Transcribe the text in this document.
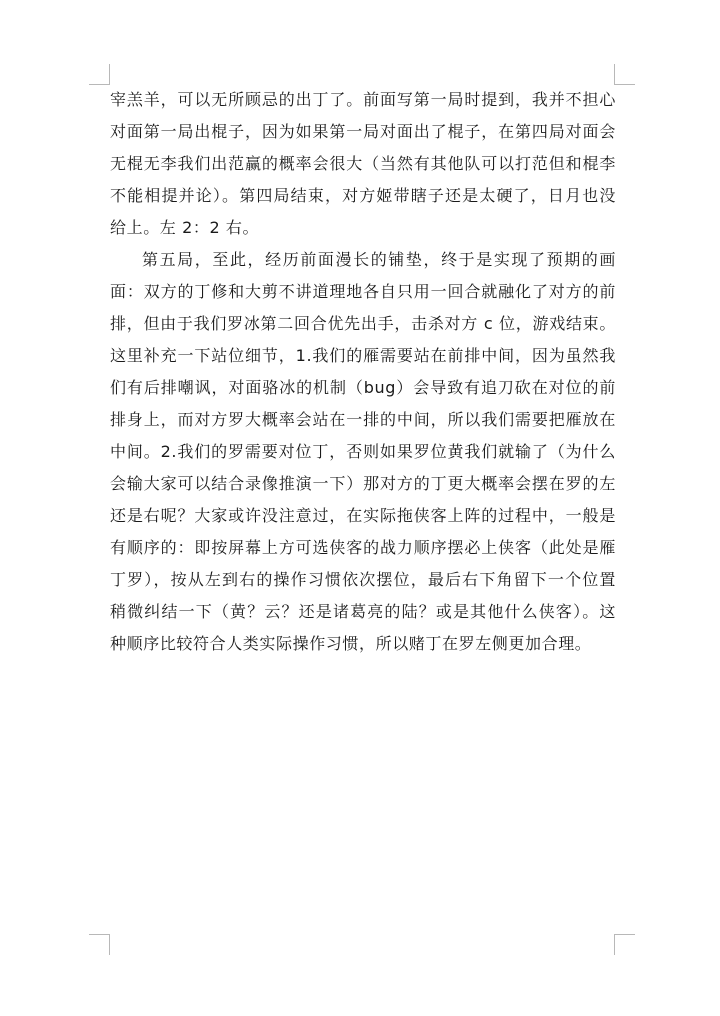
宰羔羊，可以无所顾忌的出丁了。前面写第一局时提到，我并不担心对面第一局出棍子，因为如果第一局对面出了棍子，在第四局对面会无棍无李我们出范赢的概率会很大（当然有其他队可以打范但和棍李不能相提并论）。第四局结束，对方姬带瞎子还是太硬了，日月也没给上。左 2：2 右。

第五局，至此，经历前面漫长的铺垫，终于是实现了预期的画面：双方的丁修和大剪不讲道理地各自只用一回合就融化了对方的前排，但由于我们罗冰第二回合优先出手，击杀对方 c 位，游戏结束。这里补充一下站位细节，1.我们的雁需要站在前排中间，因为虽然我们有后排嘲讽，对面骆冰的机制（bug）会导致有追刀砍在对位的前排身上，而对方罗大概率会站在一排的中间，所以我们需要把雁放在中间。2.我们的罗需要对位丁，否则如果罗位黄我们就输了（为什么会输大家可以结合录像推演一下）那对方的丁更大概率会摆在罗的左还是右呢？大家或许没注意过，在实际拖侠客上阵的过程中，一般是有顺序的：即按屏幕上方可选侠客的战力顺序摆必上侠客（此处是雁丁罗），按从左到右的操作习惯依次摆位，最后右下角留下一个位置稍微纠结一下（黄？云？还是诸葛亮的陆？或是其他什么侠客）。这种顺序比较符合人类实际操作习惯，所以赌丁在罗左侧更加合理。
